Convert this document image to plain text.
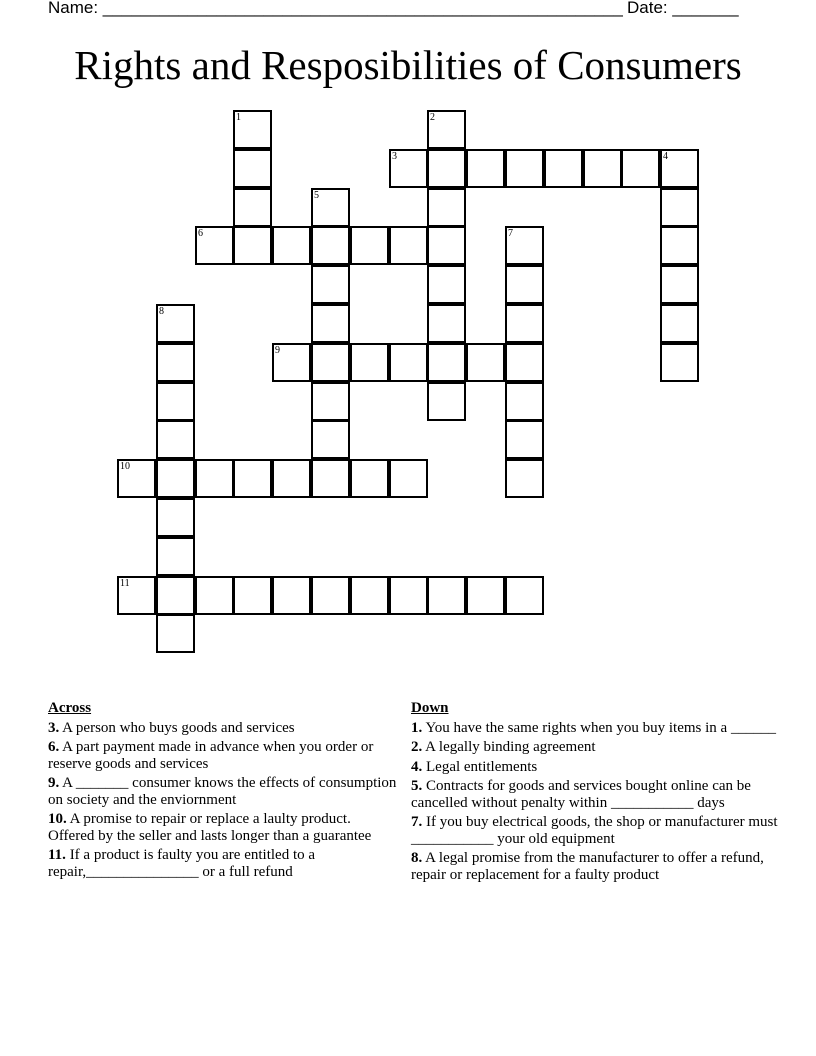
Name: _______________________________________________________ Date: _______
Rights and Resposibilities of Consumers
1	2
3	4
5
6	7
8
9
10
11
Across
3. A person who buys goods and services
6. A part payment made in advance when you order or reserve goods and services
9. A _______ consumer knows the effects of consumption on society and the enviornment
10. A promise to repair or replace a laulty product. Offered by the seller and lasts longer than a guarantee
11. If a product is faulty you are entitled to a repair,_______________ or a full refund
Down
1. You have the same rights when you buy items in a ______
2. A legally binding agreement
4. Legal entitlements
5. Contracts for goods and services bought online can be cancelled without penalty within ___________ days
7. If you buy electrical goods, the shop or manufacturer must ___________ your old equipment
8. A legal promise from the manufacturer to offer a refund, repair or replacement for a faulty product
